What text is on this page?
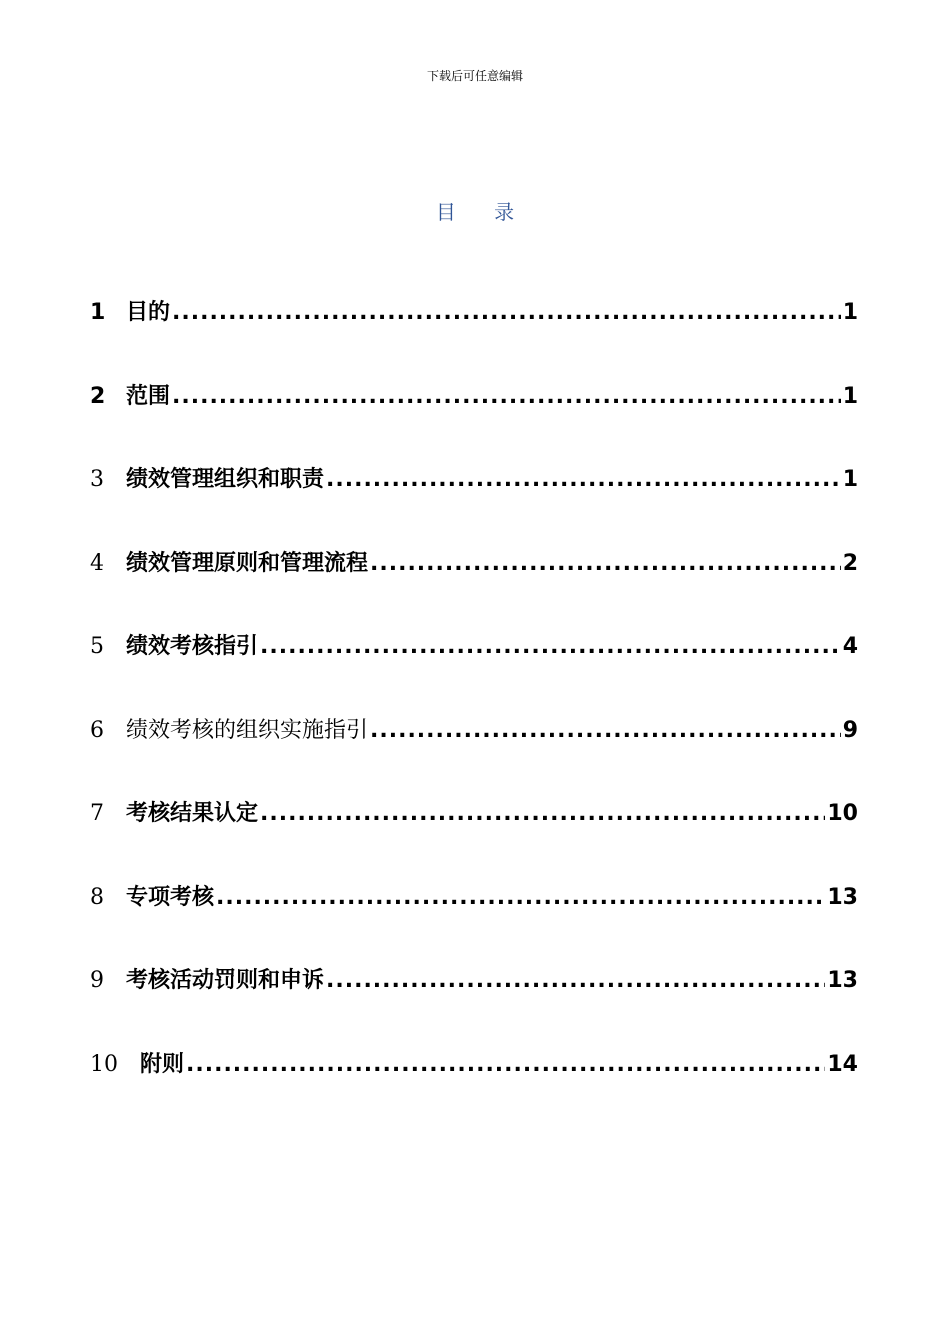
下载后可任意编辑
目 录
1 目的 .....	1
2 范围 .....	1
3	绩效管理组织和职责 .....	1
4	绩效管理原则和管理流程 .....	2
5	绩效考核指引 .....	4
6	绩效考核的组织实施指引 .....	9
7	考核结果认定 .....	10
8	专项考核 .....	13
9	考核活动罚则和申诉 .....	13
10	附则 .....	14
